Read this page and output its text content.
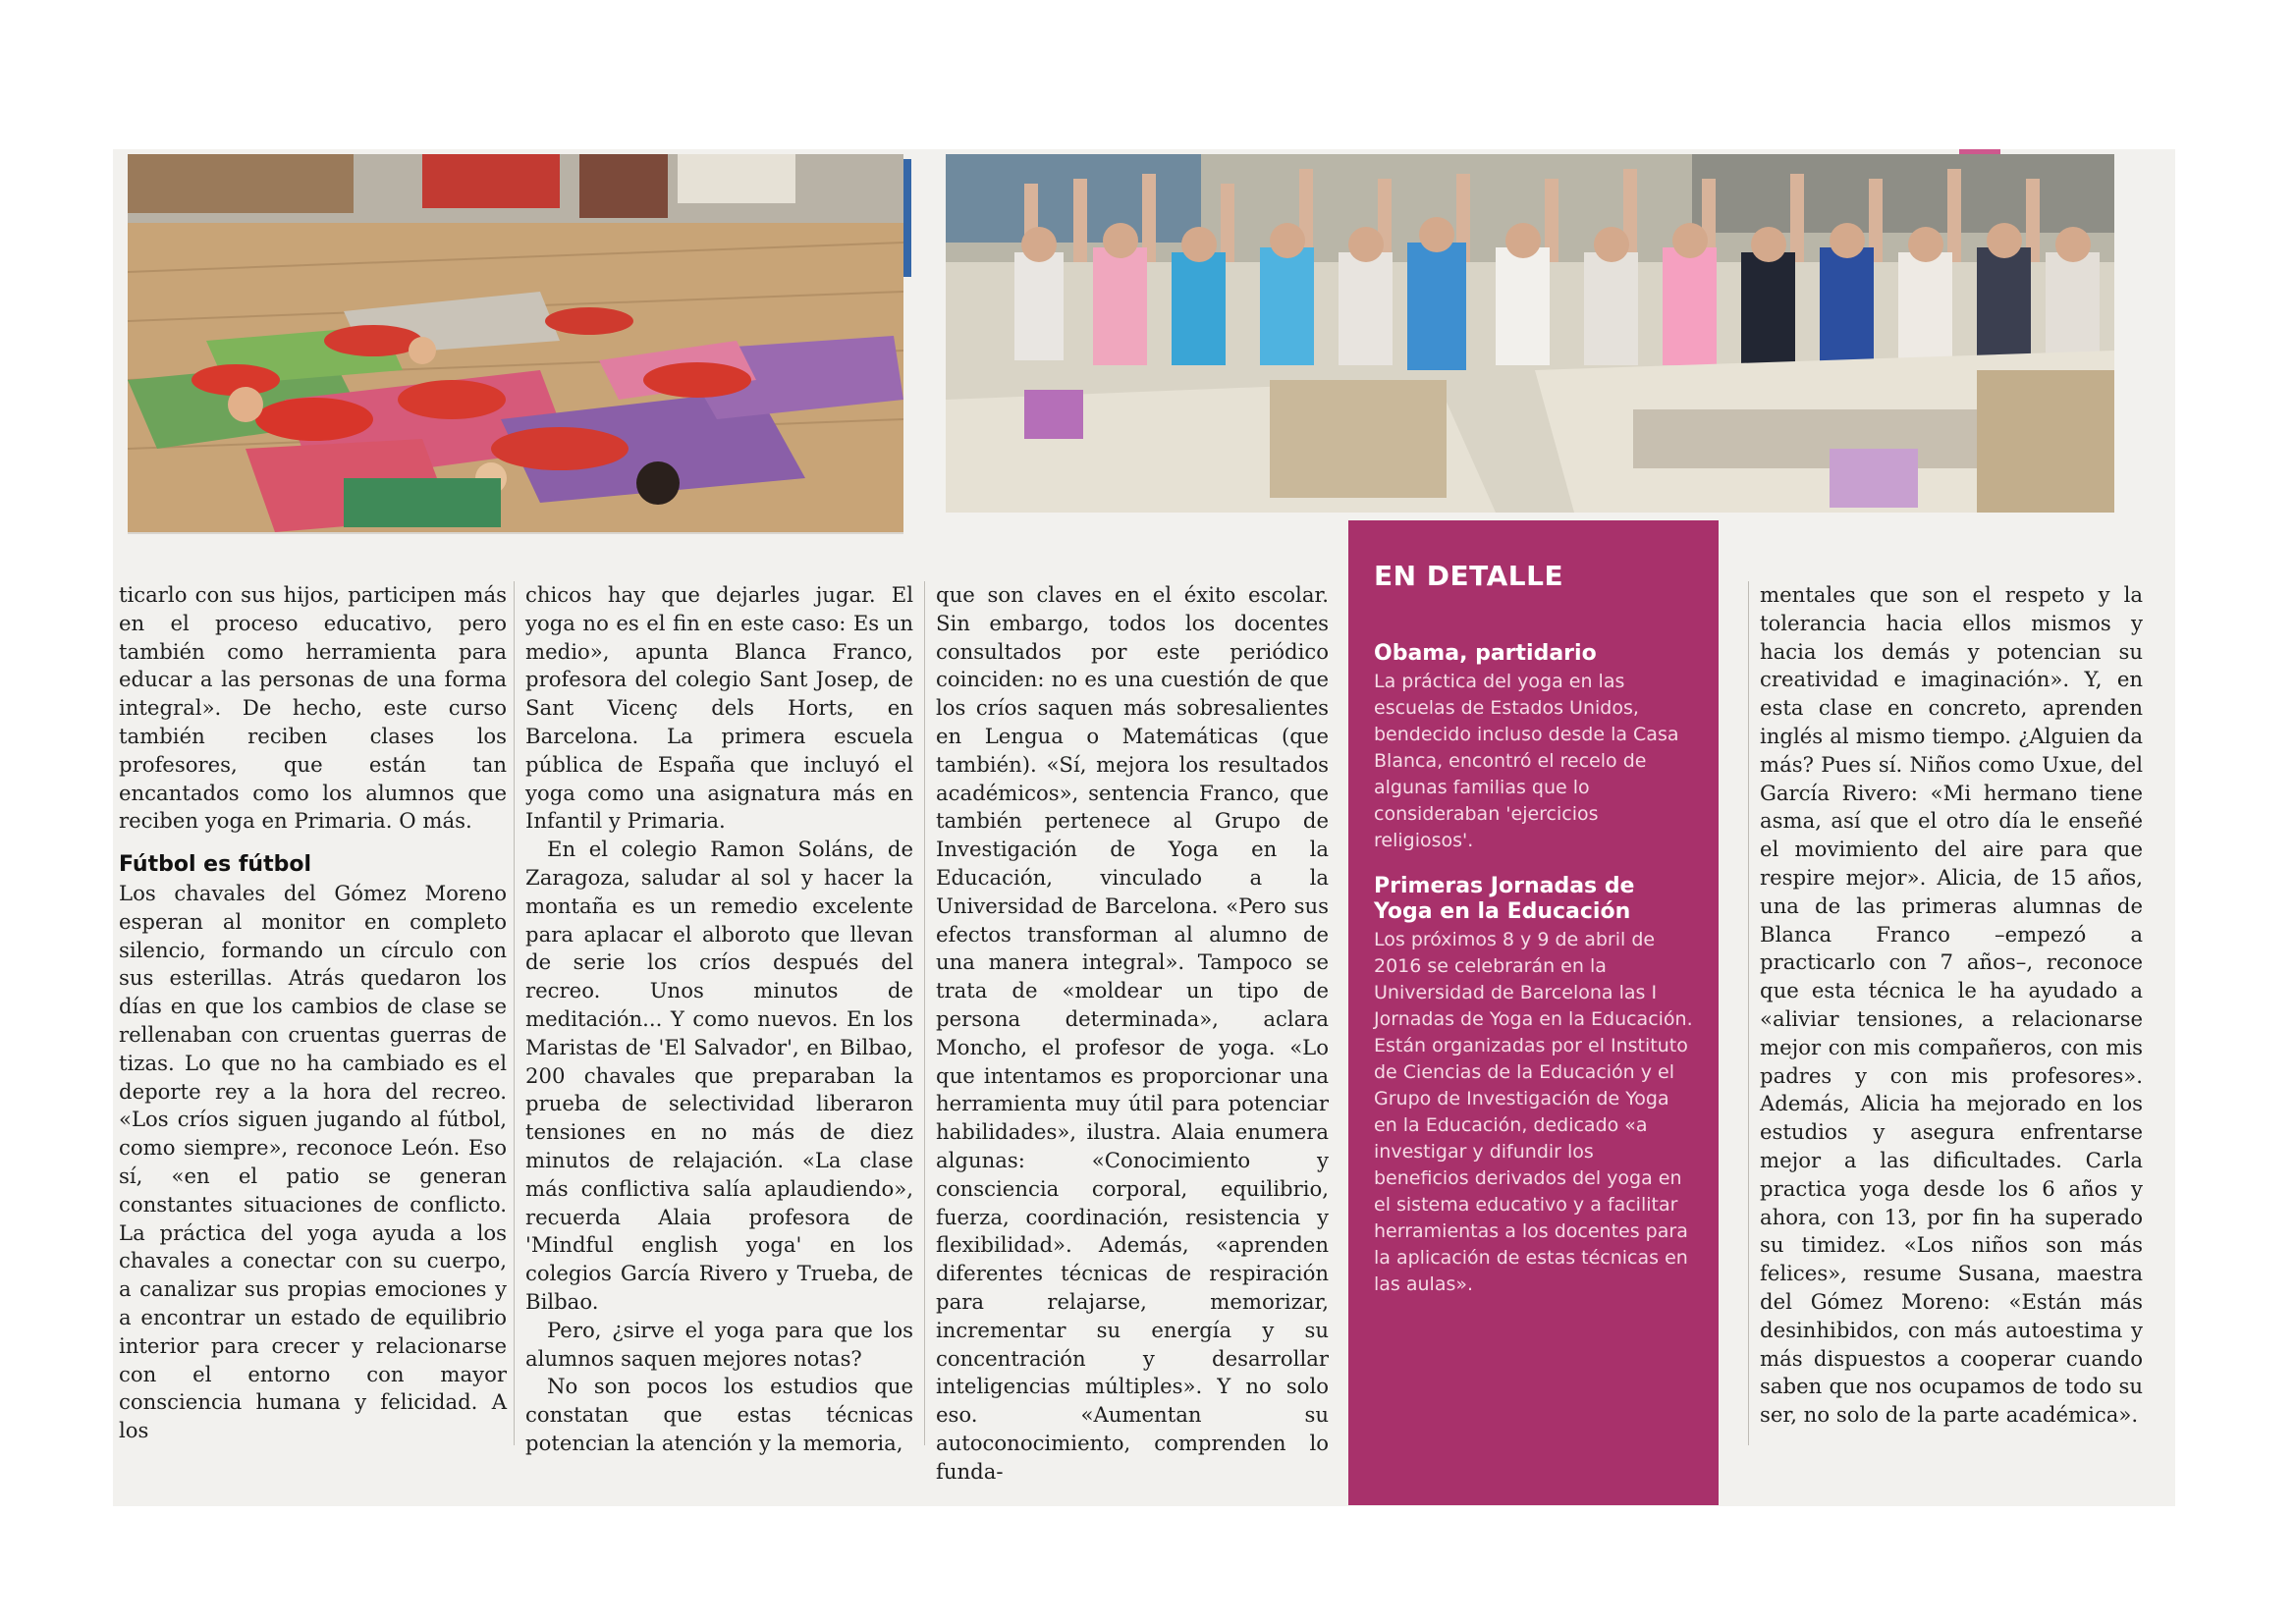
ticarlo con sus hijos, participen más en el proceso educativo, pero también como herramienta para educar a las personas de una forma integral». De hecho, este curso también reciben clases los profesores, que están tan encantados como los alumnos que reciben yoga en Primaria. O más.

Fútbol es fútbol

Los chavales del Gómez Moreno esperan al monitor en completo silencio, formando un círculo con sus esterillas. Atrás quedaron los días en que los cambios de clase se rellenaban con cruentas guerras de tizas. Lo que no ha cambiado es el deporte rey a la hora del recreo. «Los críos siguen jugando al fútbol, como siempre», reconoce León. Eso sí, «en el patio se generan constantes situaciones de conflicto. La práctica del yoga ayuda a los chavales a conectar con su cuerpo, a canalizar sus propias emociones y a encontrar un estado de equilibrio interior para crecer y relacionarse con el entorno con mayor consciencia humana y felicidad. A los

chicos hay que dejarles jugar. El yoga no es el fin en este caso: Es un medio», apunta Blanca Franco, profesora del colegio Sant Josep, de Sant Vicenç dels Horts, en Barcelona. La primera escuela pública de España que incluyó el yoga como una asignatura más en Infantil y Primaria.

En el colegio Ramon Soláns, de Zaragoza, saludar al sol y hacer la montaña es un remedio excelente para aplacar el alboroto que llevan de serie los críos después del recreo. Unos minutos de meditación... Y como nuevos. En los Maristas de 'El Salvador', en Bilbao, 200 chavales que preparaban la prueba de selectividad liberaron tensiones en no más de diez minutos de relajación. «La clase más conflictiva salía aplaudiendo», recuerda Alaia profesora de 'Mindful english yoga' en los colegios García Rivero y Trueba, de Bilbao.

Pero, ¿sirve el yoga para que los alumnos saquen mejores notas?

No son pocos los estudios que constatan que estas técnicas potencian la atención y la memoria,

que son claves en el éxito escolar. Sin embargo, todos los docentes consultados por este periódico coinciden: no es una cuestión de que los críos saquen más sobresalientes en Lengua o Matemáticas (que también). «Sí, mejora los resultados académicos», sentencia Franco, que también pertenece al Grupo de Investigación de Yoga en la Educación, vinculado a la Universidad de Barcelona. «Pero sus efectos transforman al alumno de una manera integral». Tampoco se trata de «moldear un tipo de persona determinada», aclara Moncho, el profesor de yoga. «Lo que intentamos es proporcionar una herramienta muy útil para potenciar habilidades», ilustra. Alaia enumera algunas: «Conocimiento y consciencia corporal, equilibrio, fuerza, coordinación, resistencia y flexibilidad». Además, «aprenden diferentes técnicas de respiración para relajarse, memorizar, incrementar su energía y su concentración y desarrollar inteligencias múltiples». Y no solo eso. «Aumentan su autoconocimiento, comprenden lo funda-

EN DETALLE
Obama, partidario

La práctica del yoga en las escuelas de Estados Unidos, bendecido incluso desde la Casa Blanca, encontró el recelo de algunas familias que lo consideraban 'ejercicios religiosos'.

Primeras Jornadas de Yoga en la Educación

Los próximos 8 y 9 de abril de 2016 se celebrarán en la Universidad de Barcelona las I Jornadas de Yoga en la Educación. Están organizadas por el Instituto de Ciencias de la Educación y el Grupo de Investigación de Yoga en la Educación, dedicado «a investigar y difundir los beneficios derivados del yoga en el sistema educativo y a facilitar herramientas a los docentes para la aplicación de estas técnicas en las aulas».

mentales que son el respeto y la tolerancia hacia ellos mismos y hacia los demás y potencian su creatividad e imaginación». Y, en esta clase en concreto, aprenden inglés al mismo tiempo. ¿Alguien da más? Pues sí. Niños como Uxue, del García Rivero: «Mi hermano tiene asma, así que el otro día le enseñé el movimiento del aire para que respire mejor». Alicia, de 15 años, una de las primeras alumnas de Blanca Franco –empezó a practicarlo con 7 años–, reconoce que esta técnica le ha ayudado a «aliviar tensiones, a relacionarse mejor con mis compañeros, con mis padres y con mis profesores». Además, Alicia ha mejorado en los estudios y asegura enfrentarse mejor a las dificultades. Carla practica yoga desde los 6 años y ahora, con 13, por fin ha superado su timidez. «Los niños son más felices», resume Susana, maestra del Gómez Moreno: «Están más desinhibidos, con más autoestima y más dispuestos a cooperar cuando saben que nos ocupamos de todo su ser, no solo de la parte académica».
